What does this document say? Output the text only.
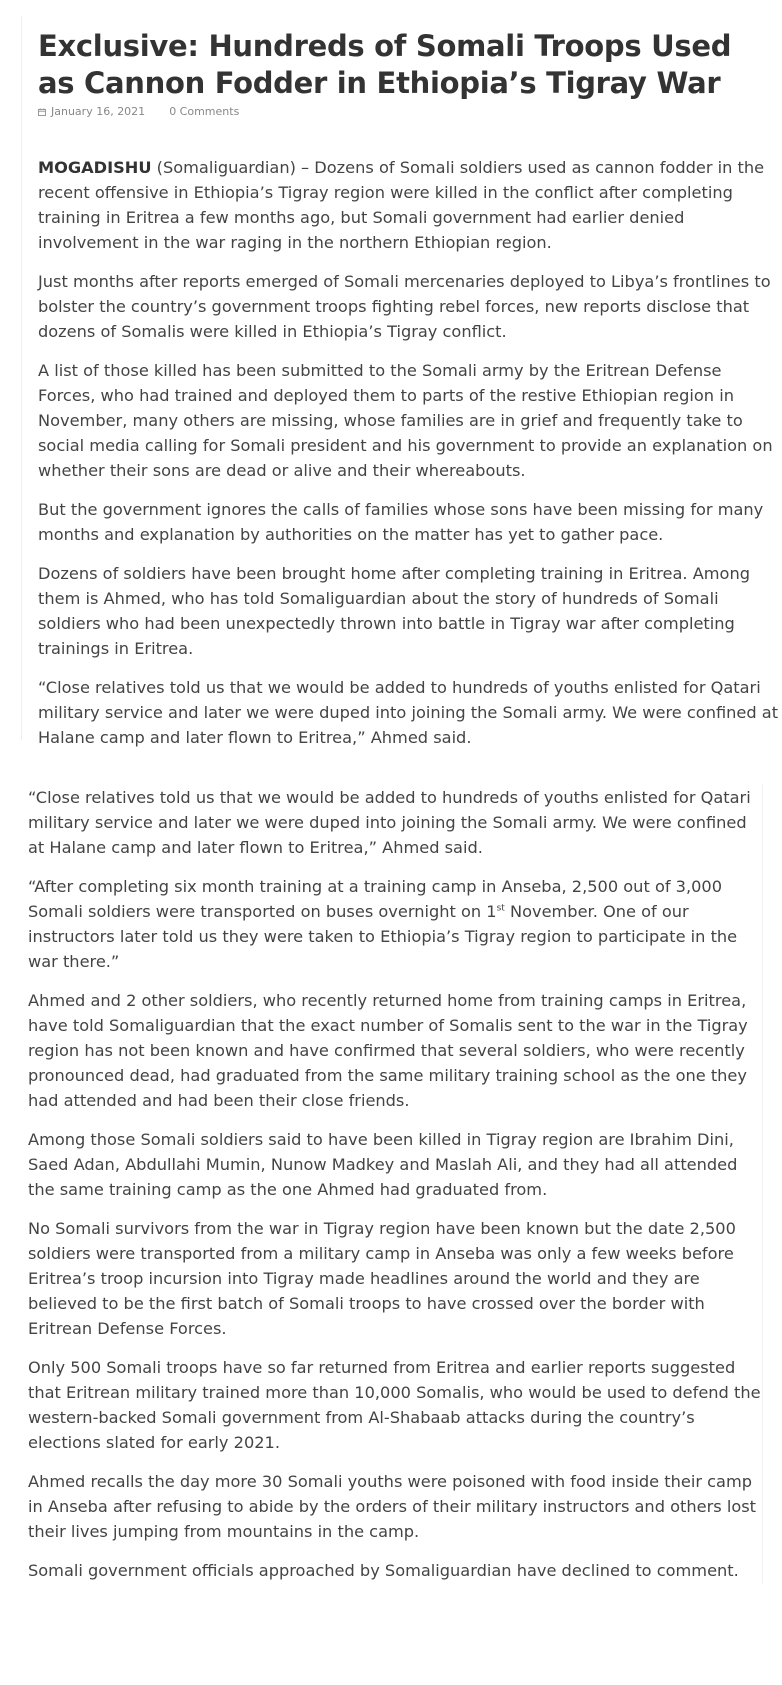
Exclusive: Hundreds of Somali Troops Used as Cannon Fodder in Ethiopia’s Tigray War
January 16, 2021 0 Comments

MOGADISHU (Somaliguardian) – Dozens of Somali soldiers used as cannon fodder in the recent offensive in Ethiopia’s Tigray region were killed in the conflict after completing training in Eritrea a few months ago, but Somali government had earlier denied involvement in the war raging in the northern Ethiopian region.

Just months after reports emerged of Somali mercenaries deployed to Libya’s frontlines to bolster the country’s government troops fighting rebel forces, new reports disclose that dozens of Somalis were killed in Ethiopia’s Tigray conflict.

A list of those killed has been submitted to the Somali army by the Eritrean Defense Forces, who had trained and deployed them to parts of the restive Ethiopian region in November, many others are missing, whose families are in grief and frequently take to social media calling for Somali president and his government to provide an explanation on whether their sons are dead or alive and their whereabouts.

But the government ignores the calls of families whose sons have been missing for many months and explanation by authorities on the matter has yet to gather pace.

Dozens of soldiers have been brought home after completing training in Eritrea. Among them is Ahmed, who has told Somaliguardian about the story of hundreds of Somali soldiers who had been unexpectedly thrown into battle in Tigray war after completing trainings in Eritrea.

“Close relatives told us that we would be added to hundreds of youths enlisted for Qatari military service and later we were duped into joining the Somali army. We were confined at Halane camp and later flown to Eritrea,” Ahmed said.

“Close relatives told us that we would be added to hundreds of youths enlisted for Qatari military service and later we were duped into joining the Somali army. We were confined at Halane camp and later flown to Eritrea,” Ahmed said.

“After completing six month training at a training camp in Anseba, 2,500 out of 3,000 Somali soldiers were transported on buses overnight on 1st November. One of our instructors later told us they were taken to Ethiopia’s Tigray region to participate in the war there.”

Ahmed and 2 other soldiers, who recently returned home from training camps in Eritrea, have told Somaliguardian that the exact number of Somalis sent to the war in the Tigray region has not been known and have confirmed that several soldiers, who were recently pronounced dead, had graduated from the same military training school as the one they had attended and had been their close friends.

Among those Somali soldiers said to have been killed in Tigray region are Ibrahim Dini, Saed Adan, Abdullahi Mumin, Nunow Madkey and Maslah Ali, and they had all attended the same training camp as the one Ahmed had graduated from.

No Somali survivors from the war in Tigray region have been known but the date 2,500 soldiers were transported from a military camp in Anseba was only a few weeks before Eritrea’s troop incursion into Tigray made headlines around the world and they are believed to be the first batch of Somali troops to have crossed over the border with Eritrean Defense Forces.

Only 500 Somali troops have so far returned from Eritrea and earlier reports suggested that Eritrean military trained more than 10,000 Somalis, who would be used to defend the western-backed Somali government from Al-Shabaab attacks during the country’s elections slated for early 2021.

Ahmed recalls the day more 30 Somali youths were poisoned with food inside their camp in Anseba after refusing to abide by the orders of their military instructors and others lost their lives jumping from mountains in the camp.

Somali government officials approached by Somaliguardian have declined to comment.
